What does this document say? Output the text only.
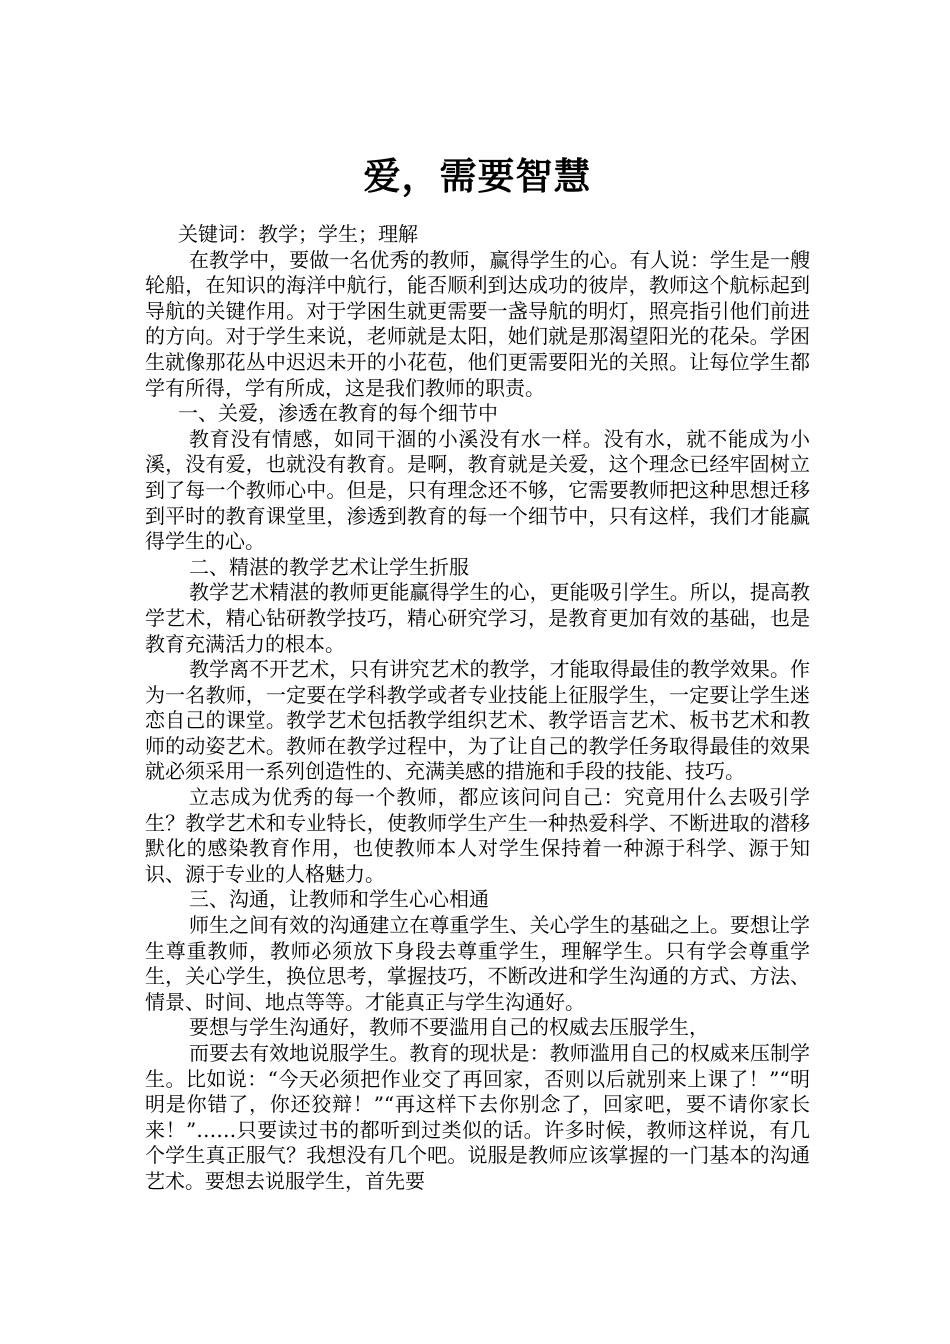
爱，需要智慧

关键词：教学；学生；理解

在教学中，要做一名优秀的教师，赢得学生的心。有人说：学生是一艘轮船，在知识的海洋中航行，能否顺利到达成功的彼岸，教师这个航标起到导航的关键作用。对于学困生就更需要一盏导航的明灯，照亮指引他们前进的方向。对于学生来说，老师就是太阳，她们就是那渴望阳光的花朵。学困生就像那花丛中迟迟未开的小花苞，他们更需要阳光的关照。让每位学生都学有所得，学有所成，这是我们教师的职责。

一、关爱，渗透在教育的每个细节中

教育没有情感，如同干涸的小溪没有水一样。没有水，就不能成为小溪，没有爱，也就没有教育。是啊，教育就是关爱，这个理念已经牢固树立到了每一个教师心中。但是，只有理念还不够，它需要教师把这种思想迁移到平时的教育课堂里，渗透到教育的每一个细节中，只有这样，我们才能赢得学生的心。

二、精湛的教学艺术让学生折服

教学艺术精湛的教师更能赢得学生的心，更能吸引学生。所以，提高教学艺术，精心钻研教学技巧，精心研究学习，是教育更加有效的基础，也是教育充满活力的根本。

教学离不开艺术，只有讲究艺术的教学，才能取得最佳的教学效果。作为一名教师，一定要在学科教学或者专业技能上征服学生，一定要让学生迷恋自己的课堂。教学艺术包括教学组织艺术、教学语言艺术、板书艺术和教师的动姿艺术。教师在教学过程中，为了让自己的教学任务取得最佳的效果就必须采用一系列创造性的、充满美感的措施和手段的技能、技巧。

立志成为优秀的每一个教师，都应该问问自己：究竟用什么去吸引学生？教学艺术和专业特长，使教师学生产生一种热爱科学、不断进取的潜移默化的感染教育作用，也使教师本人对学生保持着一种源于科学、源于知识、源于专业的人格魅力。

三、沟通，让教师和学生心心相通

师生之间有效的沟通建立在尊重学生、关心学生的基础之上。要想让学生尊重教师，教师必须放下身段去尊重学生，理解学生。只有学会尊重学生，关心学生，换位思考，掌握技巧，不断改进和学生沟通的方式、方法、情景、时间、地点等等。才能真正与学生沟通好。

要想与学生沟通好，教师不要滥用自己的权威去压服学生，

而要去有效地说服学生。教育的现状是：教师滥用自己的权威来压制学生。比如说：“今天必须把作业交了再回家，否则以后就别来上课了！”“明明是你错了，你还狡辩！”“再这样下去你别念了，回家吧，要不请你家长来！”……只要读过书的都听到过类似的话。许多时候，教师这样说，有几个学生真正服气？我想没有几个吧。说服是教师应该掌握的一门基本的沟通艺术。要想去说服学生，首先要
